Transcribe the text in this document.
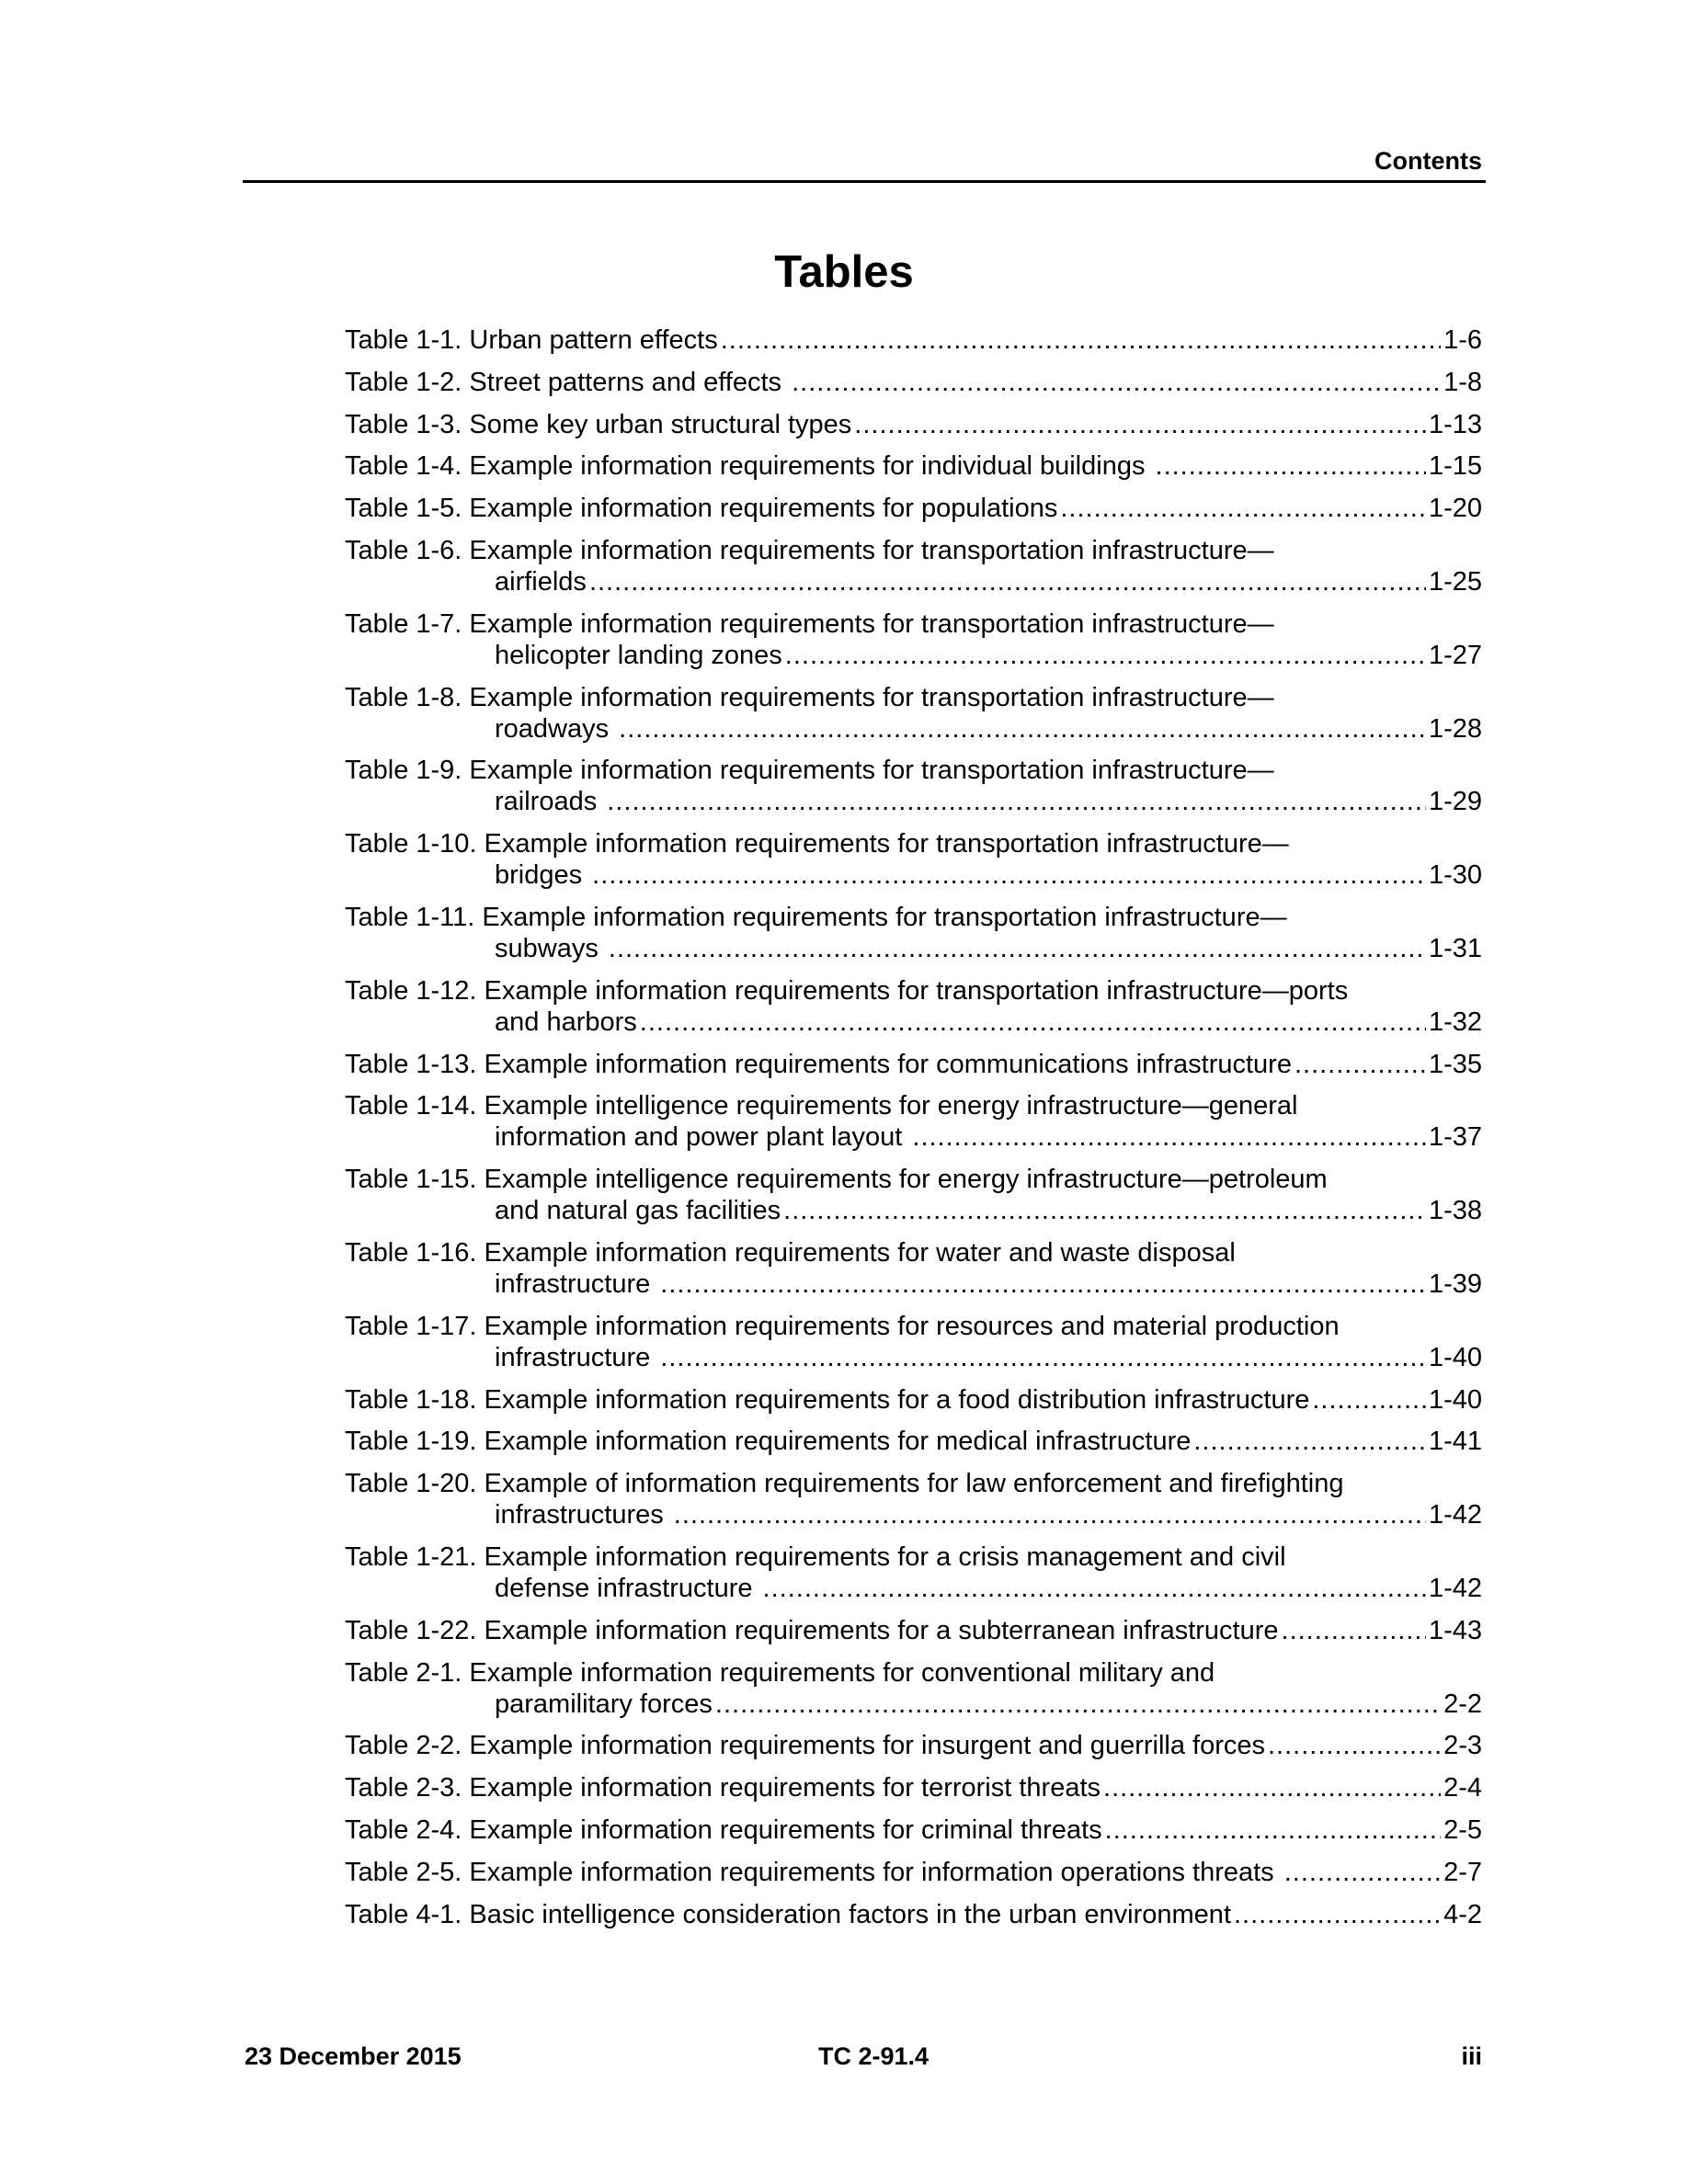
Contents
Tables
Table 1-1. Urban pattern effects .....	1-6
Table 1-2. Street patterns and effects .....	1-8
Table 1-3. Some key urban structural types .....	1-13
Table 1-4. Example information requirements for individual buildings .....	1-15
Table 1-5. Example information requirements for populations .....	1-20
Table 1-6. Example information requirements for transportation infrastructure—
airfields .....	1-25
Table 1-7. Example information requirements for transportation infrastructure—
helicopter landing zones .....	1-27
Table 1-8. Example information requirements for transportation infrastructure—
roadways .....	1-28
Table 1-9. Example information requirements for transportation infrastructure—
railroads .....	1-29
Table 1-10. Example information requirements for transportation infrastructure—
bridges .....	1-30
Table 1-11. Example information requirements for transportation infrastructure—
subways .....	1-31
Table 1-12. Example information requirements for transportation infrastructure—ports
and harbors .....	1-32
Table 1-13. Example information requirements for communications infrastructure .....	1-35
Table 1-14. Example intelligence requirements for energy infrastructure—general
information and power plant layout .....	1-37
Table 1-15. Example intelligence requirements for energy infrastructure—petroleum
and natural gas facilities .....	1-38
Table 1-16. Example information requirements for water and waste disposal
infrastructure .....	1-39
Table 1-17. Example information requirements for resources and material production
infrastructure .....	1-40
Table 1-18. Example information requirements for a food distribution infrastructure .....	1-40
Table 1-19. Example information requirements for medical infrastructure .....	1-41
Table 1-20. Example of information requirements for law enforcement and firefighting
infrastructures .....	1-42
Table 1-21. Example information requirements for a crisis management and civil
defense infrastructure .....	1-42
Table 1-22. Example information requirements for a subterranean infrastructure .....	1-43
Table 2-1. Example information requirements for conventional military and
paramilitary forces .....	2-2
Table 2-2. Example information requirements for insurgent and guerrilla forces .....	2-3
Table 2-3. Example information requirements for terrorist threats .....	2-4
Table 2-4. Example information requirements for criminal threats .....	2-5
Table 2-5. Example information requirements for information operations threats .....	2-7
Table 4-1. Basic intelligence consideration factors in the urban environment .....	4-2
23 December 2015	TC 2-91.4	iii
